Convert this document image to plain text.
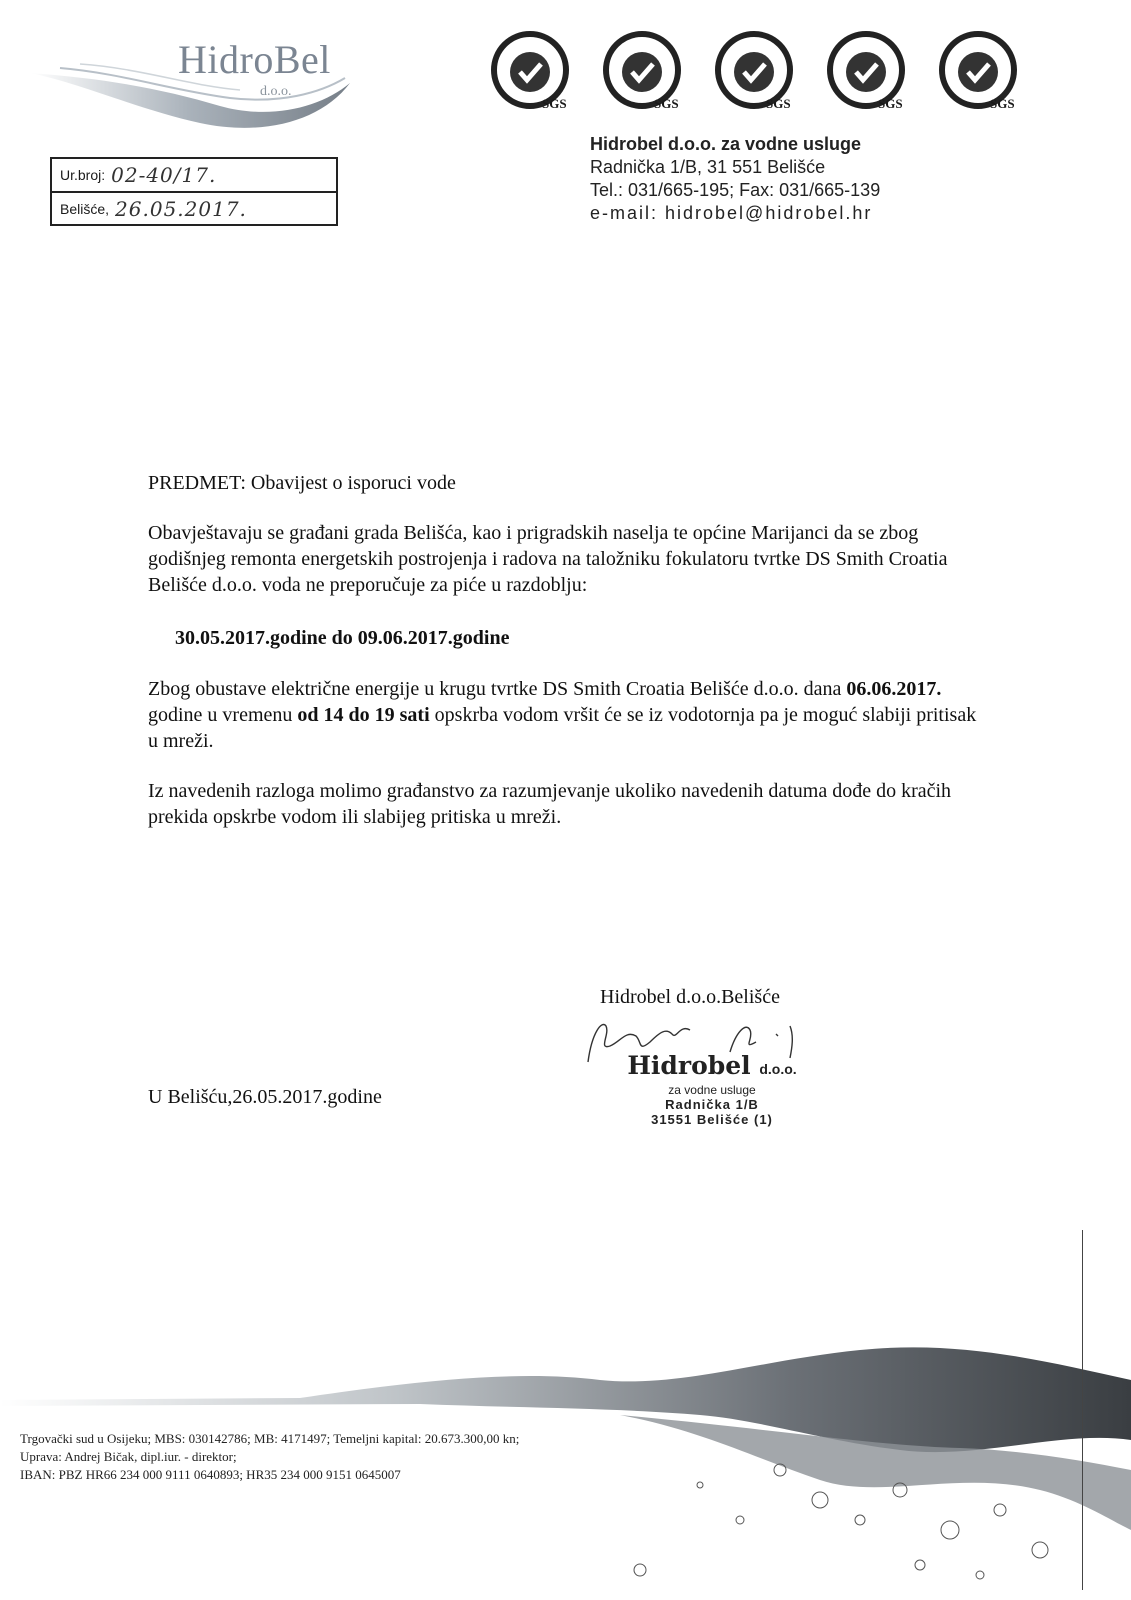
HidroBel
d.o.o.
Ur.broj: 02-40/17.
Belišće, 26.05.2017.
SGS	SGS	SGS	SGS	SGS
Hidrobel d.o.o. za vodne usluge
Radnička 1/B, 31 551 Belišće
Tel.: 031/665-195; Fax: 031/665-139
e-mail: hidrobel@hidrobel.hr
PREDMET: Obavijest o isporuci vode
Obavještavaju se građani grada Belišća, kao i prigradskih naselja te općine Marijanci da se zbog godišnjeg remonta energetskih postrojenja i radova na taložniku fokulatoru tvrtke DS Smith Croatia Belišće d.o.o. voda ne preporučuje za piće u razdoblju:
30.05.2017.godine do 09.06.2017.godine
Zbog obustave električne energije u krugu tvrtke DS Smith Croatia Belišće d.o.o. dana 06.06.2017. godine u vremenu od 14 do 19 sati opskrba vodom vršit će se iz vodotornja pa je moguć slabiji pritisak u mreži.
Iz navedenih razloga molimo građanstvo za razumjevanje ukoliko navedenih datuma dođe do kračih prekida opskrbe vodom ili slabijeg pritiska u mreži.
Hidrobel d.o.o.Belišće
U Belišću,26.05.2017.godine
Hidrobel d.o.o.
za vodne usluge
Radnička 1/B
31551 Belišće (1)
Trgovački sud u Osijeku; MBS: 030142786; MB: 4171497; Temeljni kapital: 20.673.300,00 kn;
Uprava: Andrej Bičak, dipl.iur. - direktor;
IBAN: PBZ HR66 234 000 9111 0640893; HR35 234 000 9151 0645007
